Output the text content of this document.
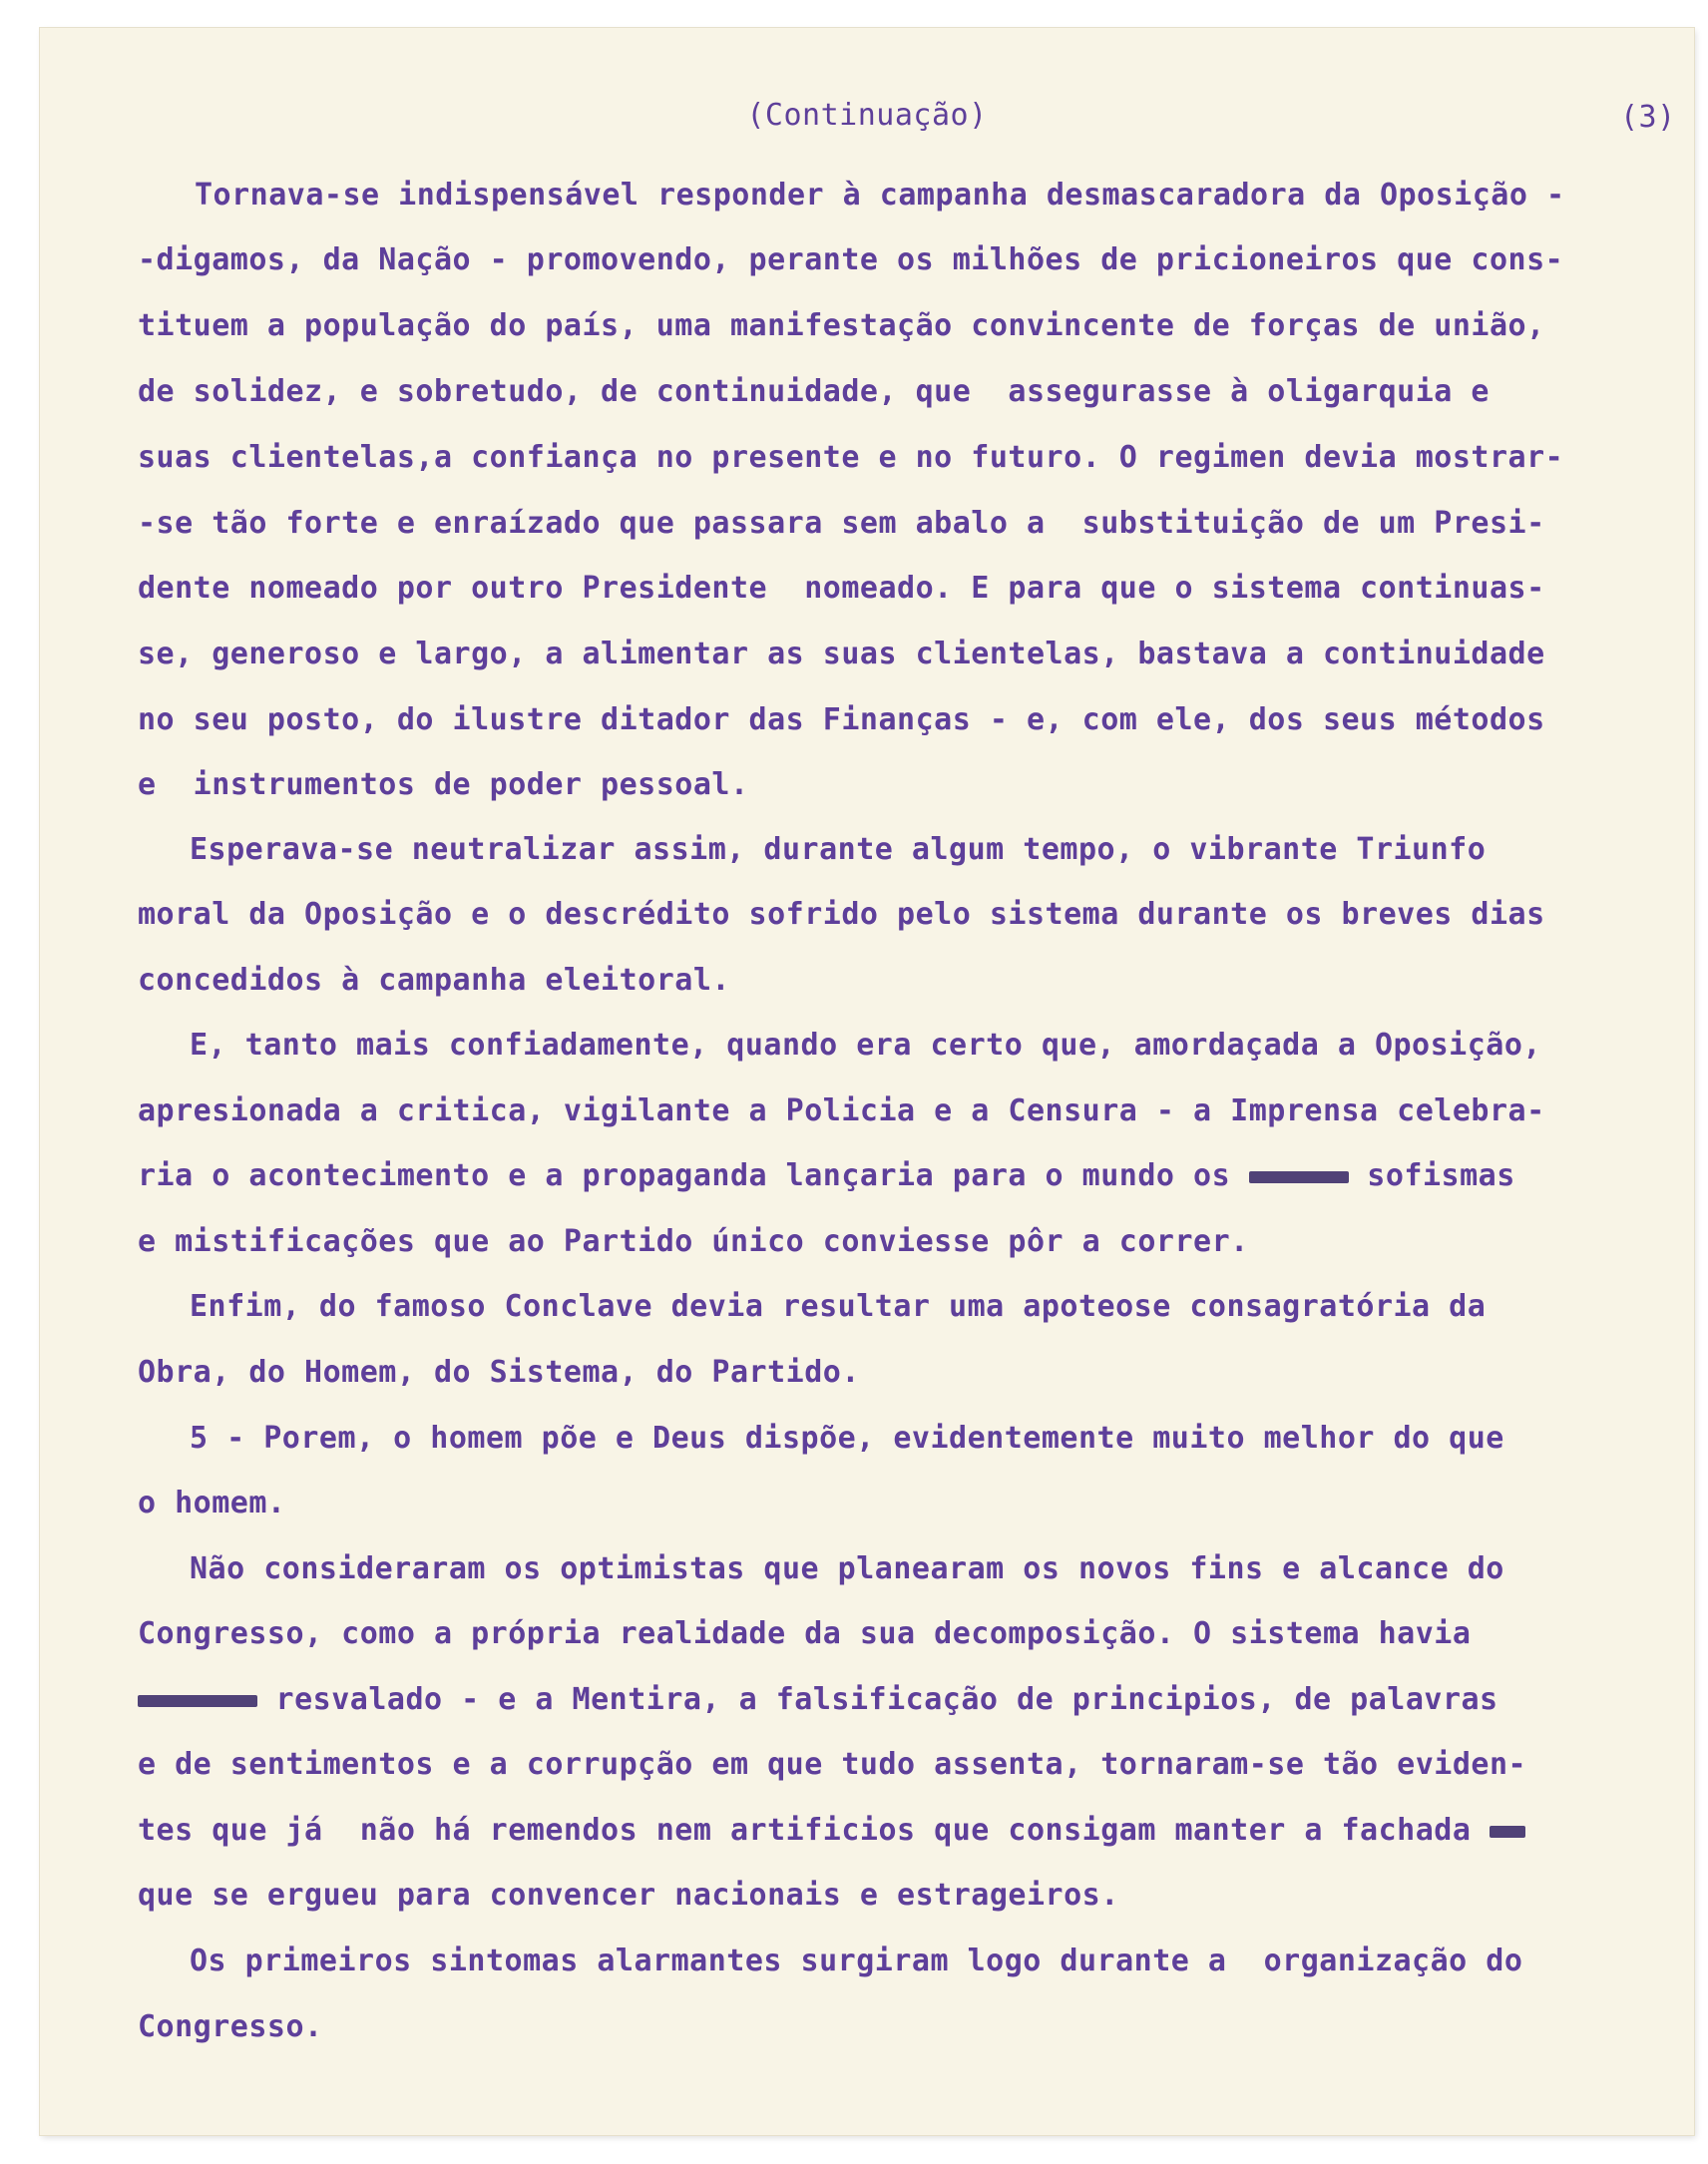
(Continuação)	(3)
Tornava-se indispensável responder à campanha desmascaradora da Oposição -
-digamos, da Nação - promovendo, perante os milhões de pricioneiros que cons-
tituem a população do país, uma manifestação convincente de forças de união,
de solidez, e sobretudo, de continuidade, que  assegurasse à oligarquia e
suas clientelas,a confiança no presente e no futuro. O regimen devia mostrar-
-se tão forte e enraízado que passara sem abalo a  substituição de um Presi-
dente nomeado por outro Presidente  nomeado. E para que o sistema continuas-
se, generoso e largo, a alimentar as suas clientelas, bastava a continuidade
no seu posto, do ilustre ditador das Finanças - e, com ele, dos seus métodos
e  instrumentos de poder pessoal.
Esperava-se neutralizar assim, durante algum tempo, o vibrante Triunfo
moral da Oposição e o descrédito sofrido pelo sistema durante os breves dias
concedidos à campanha eleitoral.
E, tanto mais confiadamente, quando era certo que, amordaçada a Oposição,
apresionada a critica, vigilante a Policia e a Censura - a Imprensa celebra-
ria o acontecimento e a propaganda lançaria para o mundo os	sofismas
e mistificações que ao Partido único conviesse pôr a correr.
Enfim, do famoso Conclave devia resultar uma apoteose consagratória da
Obra, do Homem, do Sistema, do Partido.
5 - Porem, o homem põe e Deus dispõe, evidentemente muito melhor do que
o homem.
Não consideraram os optimistas que planearam os novos fins e alcance do
Congresso, como a própria realidade da sua decomposição. O sistema havia
resvalado - e a Mentira, a falsificação de principios, de palavras
e de sentimentos e a corrupção em que tudo assenta, tornaram-se tão eviden-
tes que já  não há remendos nem artificios que consigam manter a fachada
que se ergueu para convencer nacionais e estrageiros.
Os primeiros sintomas alarmantes surgiram logo durante a  organização do
Congresso.
